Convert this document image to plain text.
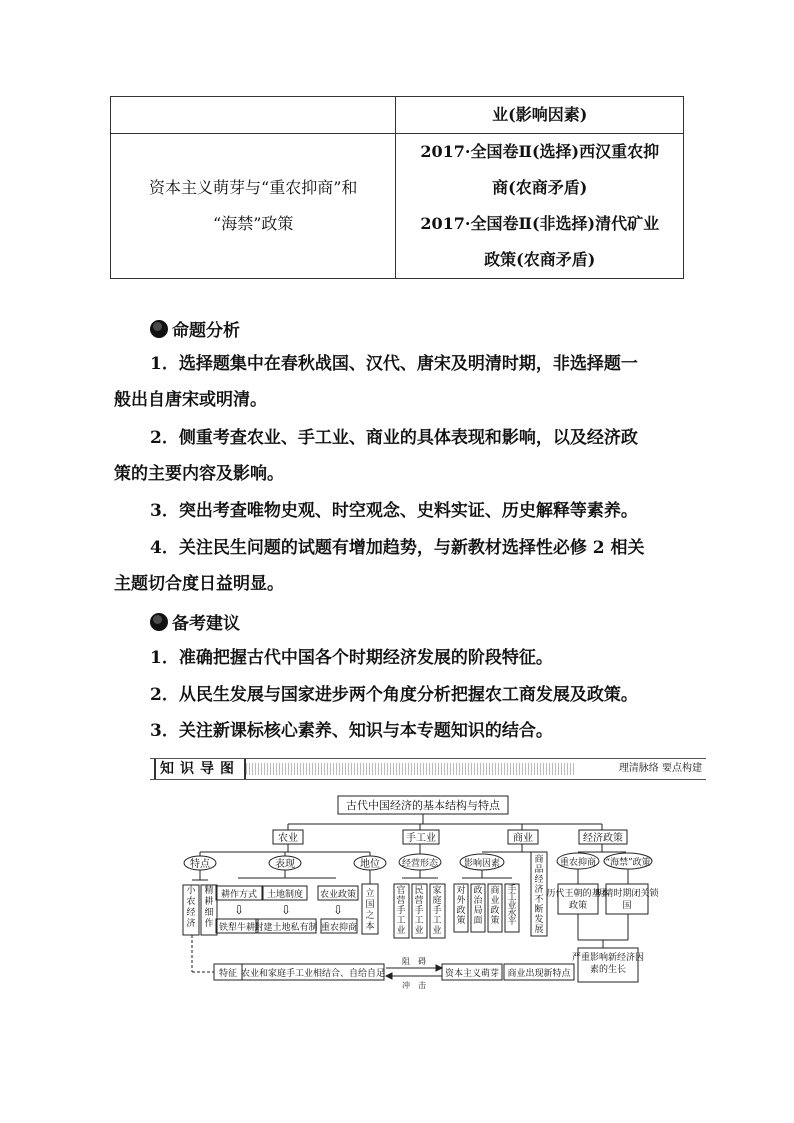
	业(影响因素)

资本主义萌芽与“重农抑商”和
“海禁”政策	2017·全国卷Ⅱ(选择)西汉重农抑
商(农商矛盾)
2017·全国卷Ⅱ(非选择)清代矿业
政策(农商矛盾)
命题分析
1．选择题集中在春秋战国、汉代、唐宋及明清时期，非选择题一
般出自唐宋或明清。
2．侧重考查农业、手工业、商业的具体表现和影响，以及经济政
策的主要内容及影响。
3．突出考查唯物史观、时空观念、史料实证、历史解释等素养。
4．关注民生问题的试题有增加趋势，与新教材选择性必修 2 相关
主题切合度日益明显。
备考建议
1．准确把握古代中国各个时期经济发展的阶段特征。
2．从民生发展与国家进步两个角度分析把握农工商发展及政策。
3．关注新课标核心素养、知识与本专题知识的结合。
知识导图	理清脉络 要点构建
古代中国经济的基本结构与特点
农业	手工业	商业	经济政策
特点	表现	地位
耕作方式 土地制度 农业政策
⇩	⇩	⇩
铁犁牛耕 封建土地私有制 重农抑商
经营形态	影响因素	重农抑商 “海禁”政策
特征 农业和家庭手工业相结合、自给自足
阻　碍
冲　击
资本主义萌芽 商业出现新特点
小农经济
精耕细作
立国之本
官营手工业
民营手工业
家庭手工业
对外政策
政治局面
商业政策
手工业水平
商品经济不断发展
历代王朝的基本政策
明清时期闭关锁国
严重影响新经济因素的生长
